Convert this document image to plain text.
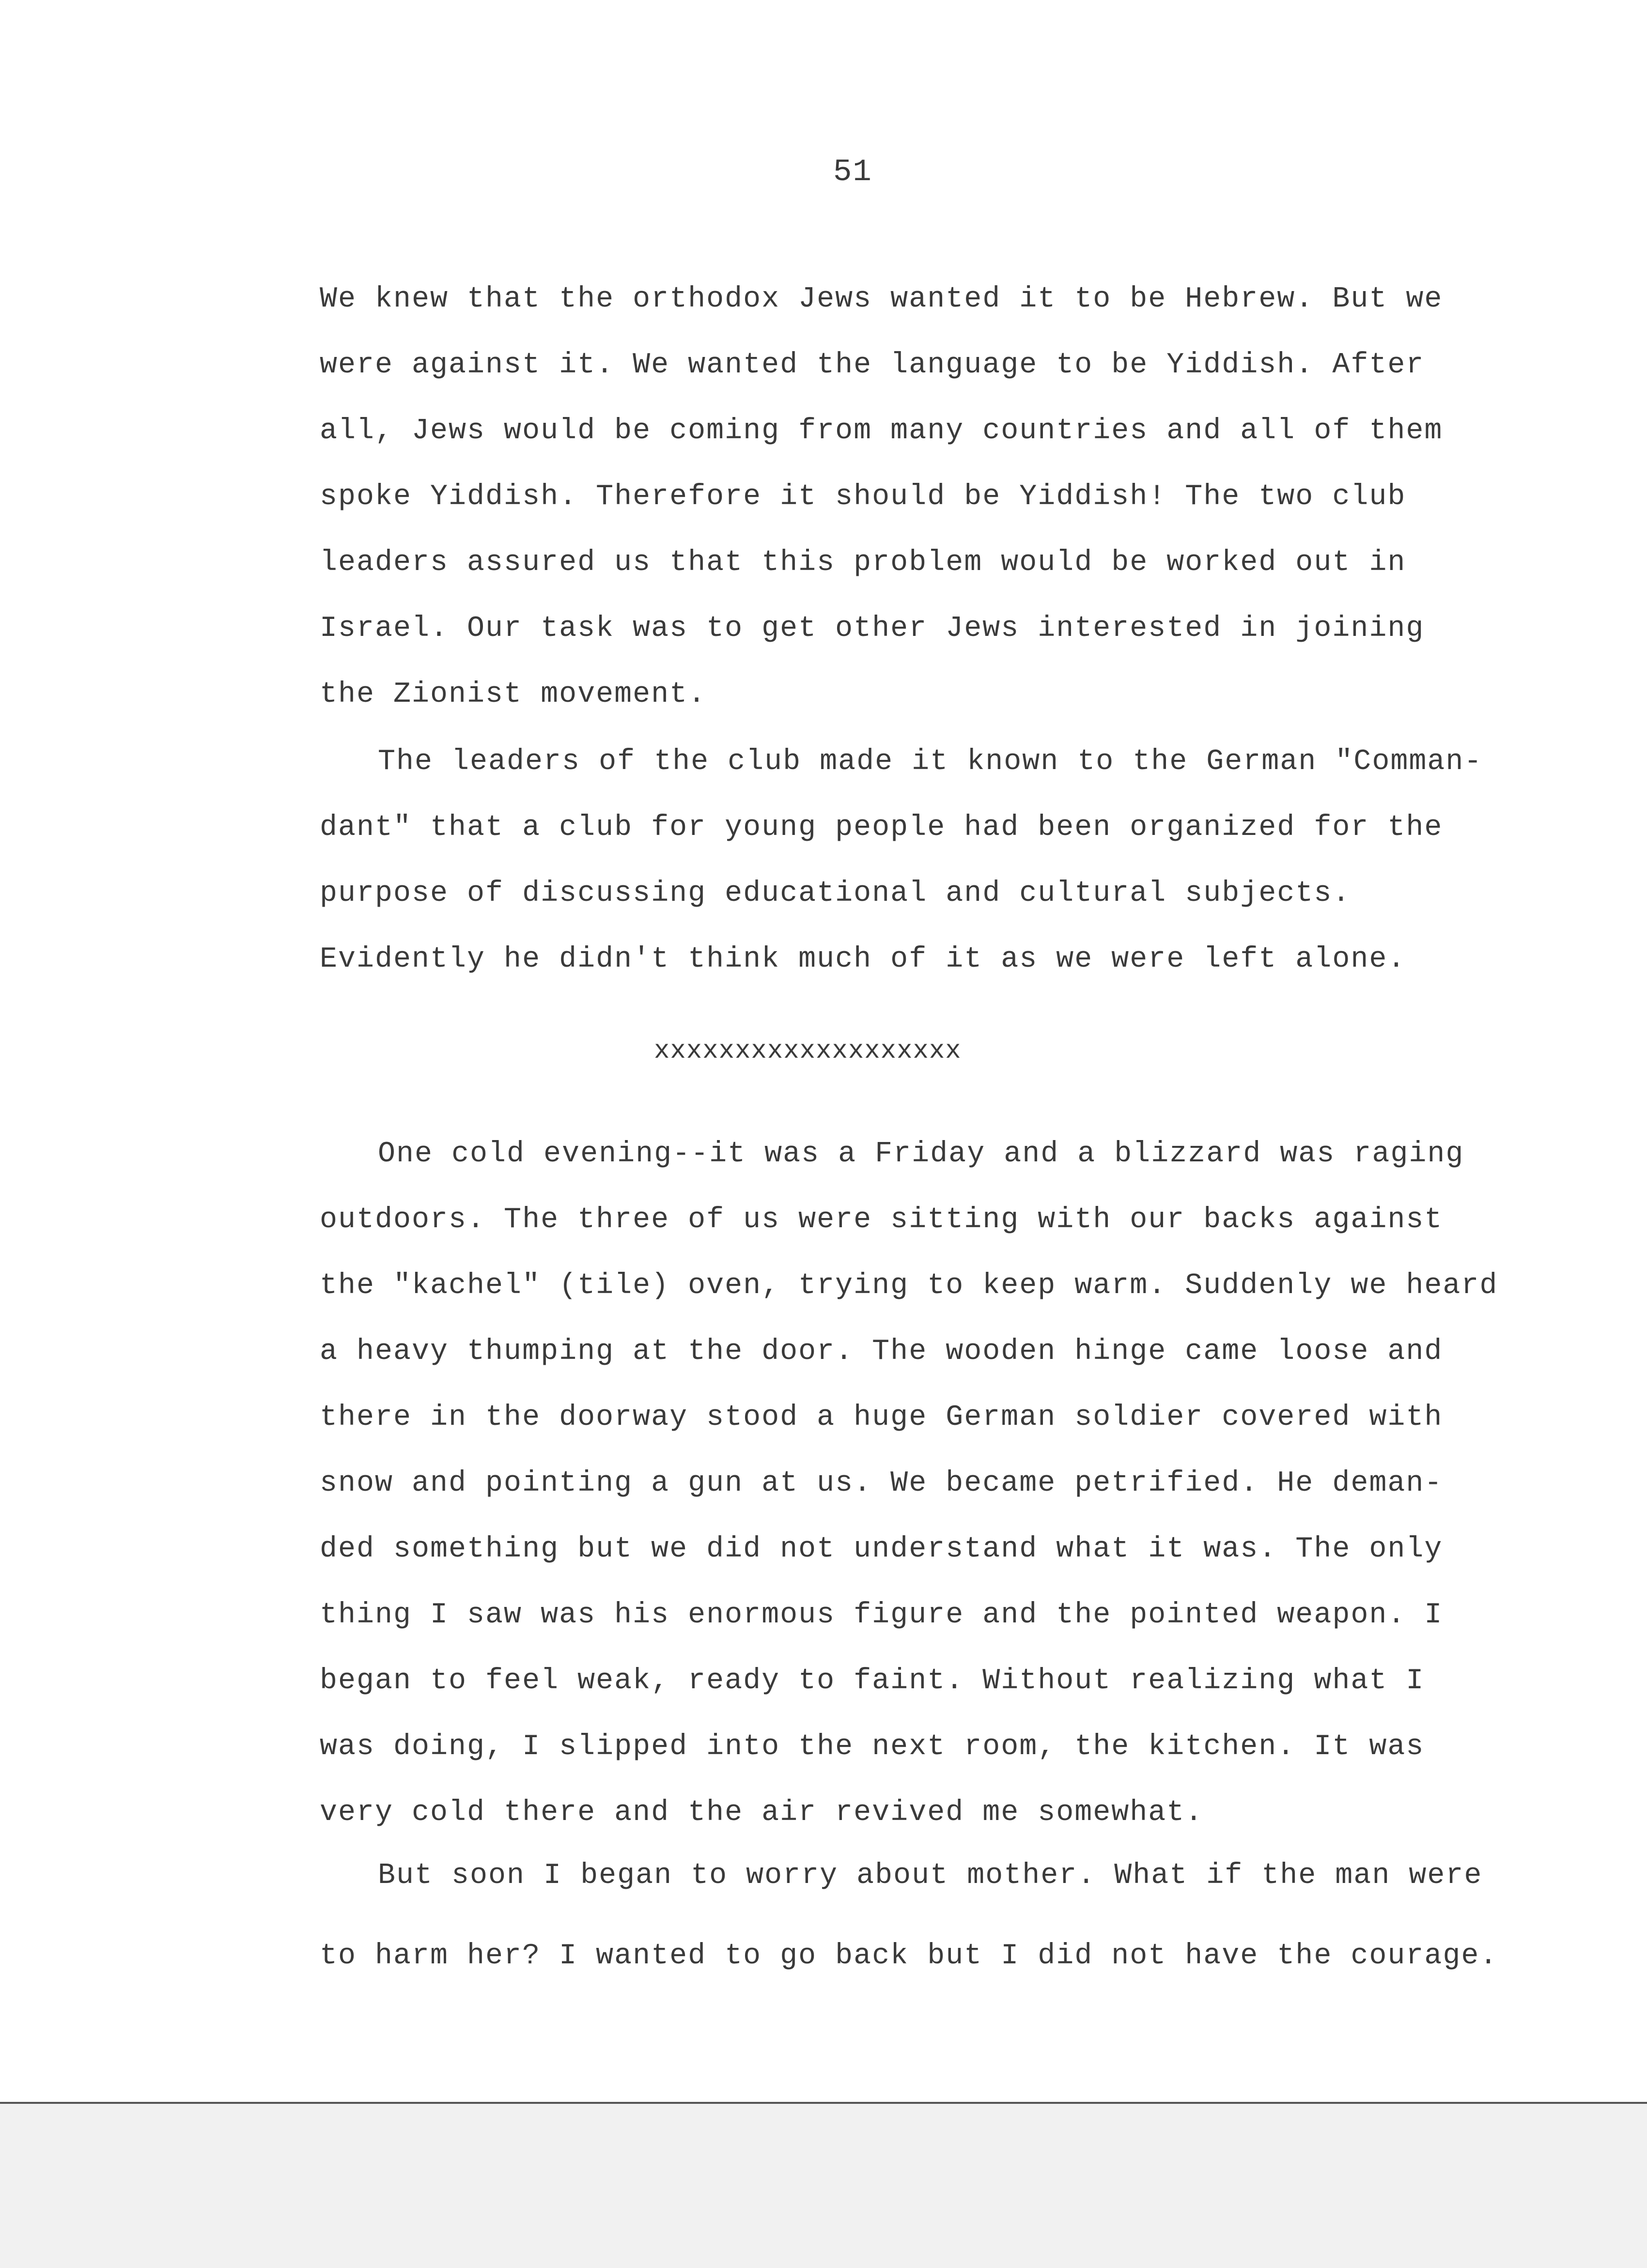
51
We knew that the orthodox Jews wanted it to be Hebrew. But we
were against it. We wanted the language to be Yiddish. After
all, Jews would be coming from many countries and all of them
spoke Yiddish. Therefore it should be Yiddish! The two club
leaders assured us that this problem would be worked out in
Israel. Our task was to get other Jews interested in joining
the Zionist movement.
The leaders of the club made it known to the German "Comman-
dant" that a club for young people had been organized for the
purpose of discussing educational and cultural subjects.
Evidently he didn't think much of it as we were left alone.
xxxxxxxxxxxxxxxxxxx
One cold evening--it was a Friday and a blizzard was raging
outdoors. The three of us were sitting with our backs against
the "kachel" (tile) oven, trying to keep warm. Suddenly we heard
a heavy thumping at the door. The wooden hinge came loose and
there in the doorway stood a huge German soldier covered with
snow and pointing a gun at us. We became petrified. He deman-
ded something but we did not understand what it was. The only
thing I saw was his enormous figure and the pointed weapon. I
began to feel weak, ready to faint. Without realizing what I
was doing, I slipped into the next room, the kitchen. It was
very cold there and the air revived me somewhat.
But soon I began to worry about mother. What if the man were
to harm her? I wanted to go back but I did not have the courage.
